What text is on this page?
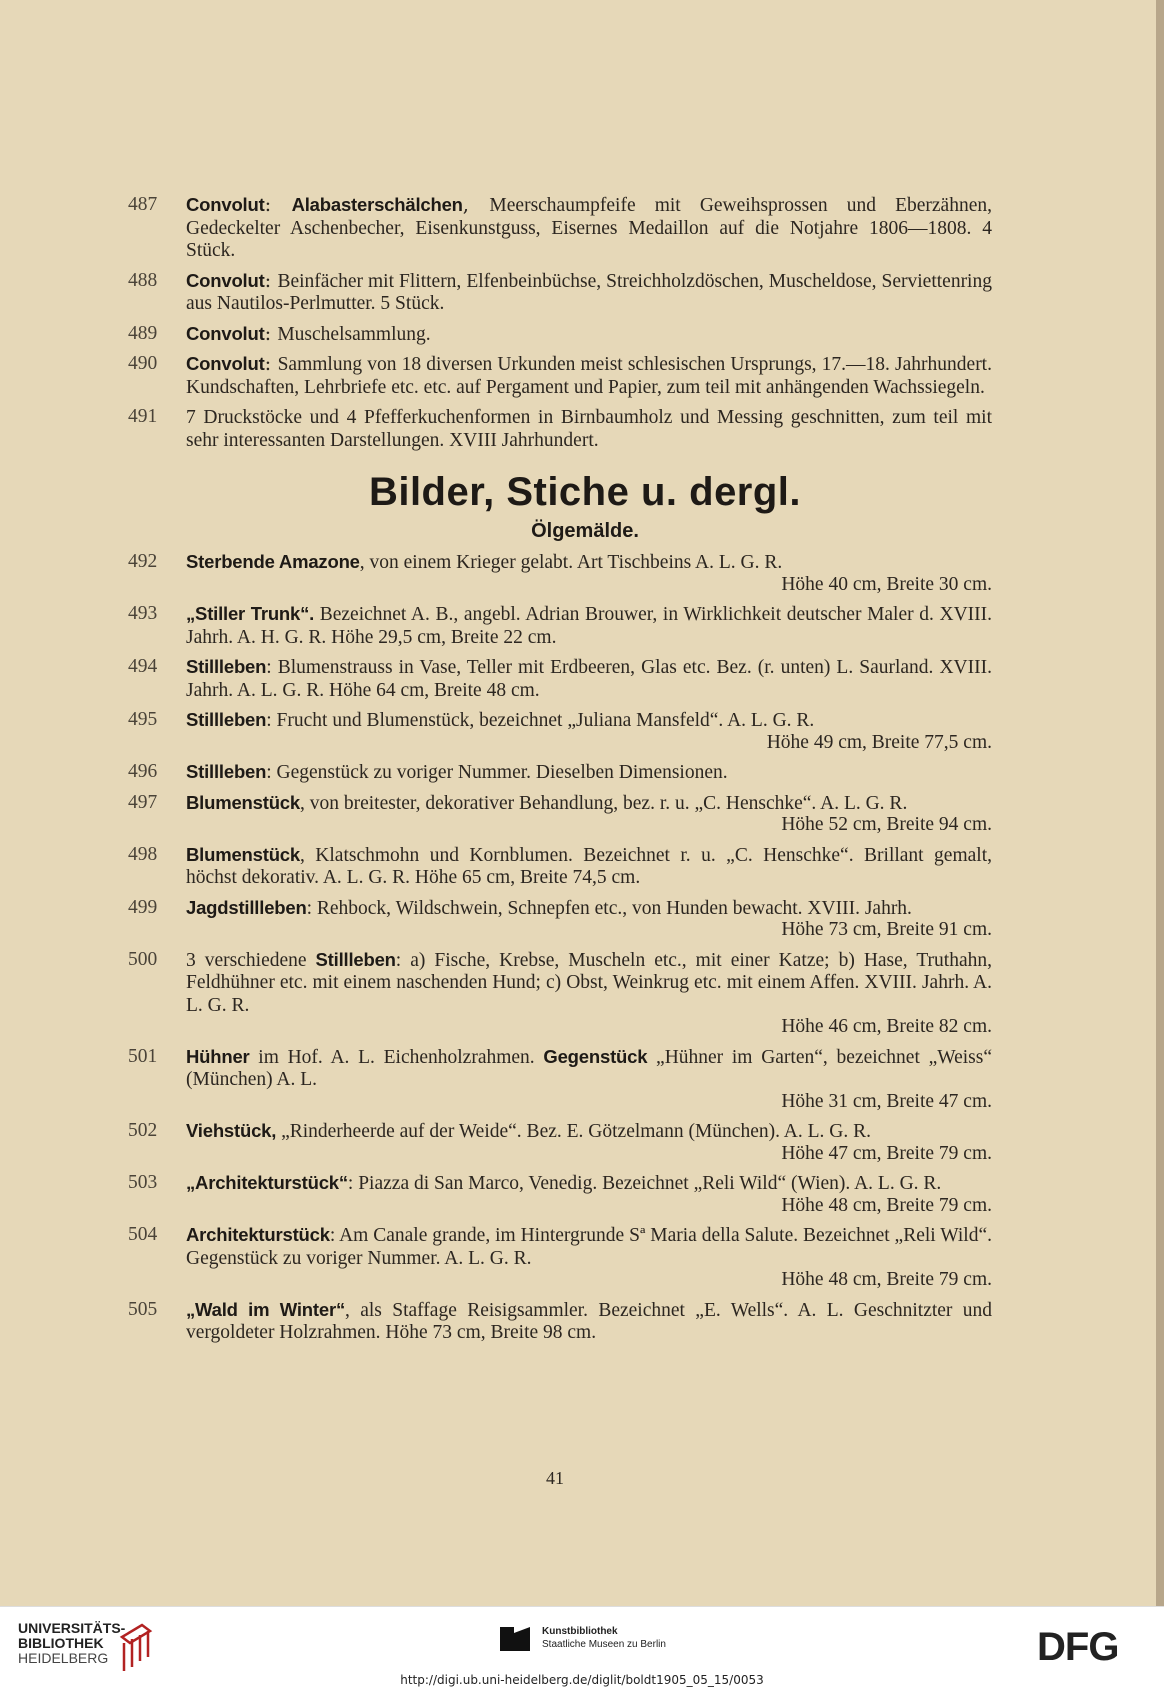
487	Convolut: Alabasterschälchen, Meerschaumpfeife mit Geweihsprossen und Eberzähnen, Gedeckelter Aschenbecher, Eisenkunstguss, Eisernes Medaillon auf die Notjahre 1806—1808. 4 Stück.
488	Convolut: Beinfächer mit Flittern, Elfenbeinbüchse, Streichholzdöschen, Muscheldose, Serviettenring aus Nautilos-Perlmutter. 5 Stück.
489	Convolut: Muschelsammlung.
490	Convolut: Sammlung von 18 diversen Urkunden meist schlesischen Ursprungs, 17.—18. Jahrhundert. Kundschaften, Lehrbriefe etc. etc. auf Pergament und Papier, zum teil mit anhängenden Wachssiegeln.
491	7 Druckstöcke und 4 Pfefferkuchenformen in Birnbaumholz und Messing geschnitten, zum teil mit sehr interessanten Darstellungen. XVIII Jahrhundert.
Bilder, Stiche u. dergl.
Ölgemälde.
492	Sterbende Amazone, von einem Krieger gelabt. Art Tischbeins A. L. G. R.
Höhe 40 cm, Breite 30 cm.
493	„Stiller Trunk“. Bezeichnet A. B., angebl. Adrian Brouwer, in Wirklichkeit deutscher Maler d. XVIII. Jahrh. A. H. G. R. Höhe 29,5 cm, Breite 22 cm.
494	Stillleben: Blumenstrauss in Vase, Teller mit Erdbeeren, Glas etc. Bez. (r. unten) L. Saurland. XVIII. Jahrh. A. L. G. R. Höhe 64 cm, Breite 48 cm.
495	Stillleben: Frucht und Blumenstück, bezeichnet „Juliana Mansfeld“. A. L. G. R.
Höhe 49 cm, Breite 77,5 cm.
496	Stillleben: Gegenstück zu voriger Nummer. Dieselben Dimensionen.
497	Blumenstück, von breitester, dekorativer Behandlung, bez. r. u. „C. Henschke“. A. L. G. R.
Höhe 52 cm, Breite 94 cm.
498	Blumenstück, Klatschmohn und Kornblumen. Bezeichnet r. u. „C. Henschke“. Brillant gemalt, höchst dekorativ. A. L. G. R. Höhe 65 cm, Breite 74,5 cm.
499	Jagdstillleben: Rehbock, Wildschwein, Schnepfen etc., von Hunden bewacht. XVIII. Jahrh.
Höhe 73 cm, Breite 91 cm.
500	3 verschiedene Stillleben: a) Fische, Krebse, Muscheln etc., mit einer Katze; b) Hase, Truthahn, Feldhühner etc. mit einem naschenden Hund; c) Obst, Weinkrug etc. mit einem Affen. XVIII. Jahrh. A. L. G. R.
Höhe 46 cm, Breite 82 cm.
501	Hühner im Hof. A. L. Eichenholzrahmen. Gegenstück „Hühner im Garten“, bezeichnet „Weiss“ (München) A. L.
Höhe 31 cm, Breite 47 cm.
502	Viehstück, „Rinderheerde auf der Weide“. Bez. E. Götzelmann (München). A. L. G. R.
Höhe 47 cm, Breite 79 cm.
503	„Architekturstück“: Piazza di San Marco, Venedig. Bezeichnet „Reli Wild“ (Wien). A. L. G. R.
Höhe 48 cm, Breite 79 cm.
504	Architekturstück: Am Canale grande, im Hintergrunde Sª Maria della Salute. Bezeichnet „Reli Wild“. Gegenstück zu voriger Nummer. A. L. G. R.
Höhe 48 cm, Breite 79 cm.
505	„Wald im Winter“, als Staffage Reisigsammler. Bezeichnet „E. Wells“. A. L. Geschnitzter und vergoldeter Holzrahmen. Höhe 73 cm, Breite 98 cm.
41
UNIVERSITÄTS-
BIBLIOTHEK
HEIDELBERG
Kunstbibliothek
Staatliche Museen zu Berlin	DFG
http://digi.ub.uni-heidelberg.de/diglit/boldt1905_05_15/0053
